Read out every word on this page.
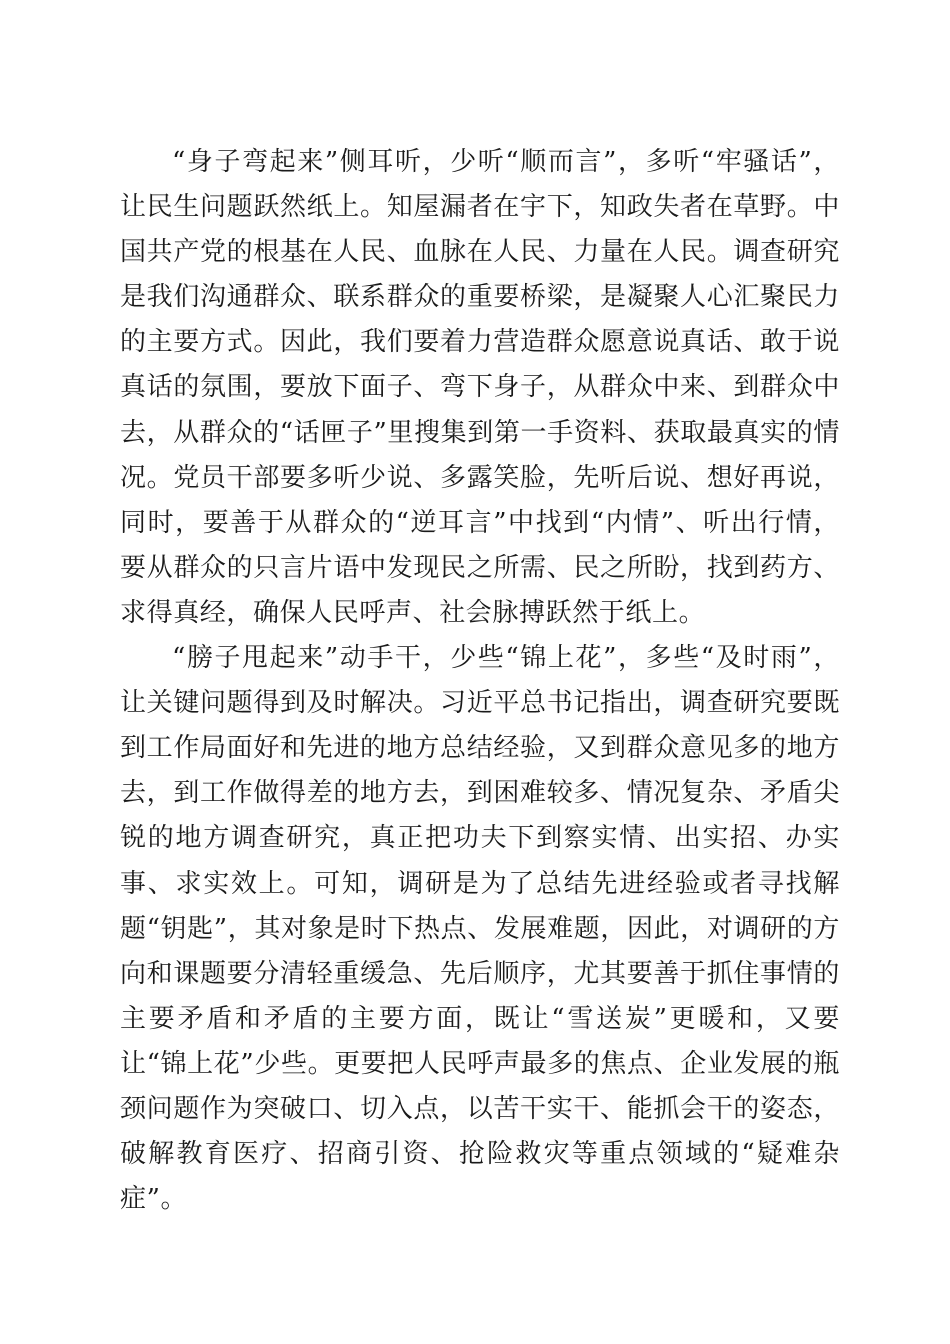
“身子弯起来”侧耳听，少听“顺而言”，多听“牢骚话”，让民生问题跃然纸上。知屋漏者在宇下，知政失者在草野。中国共产党的根基在人民、血脉在人民、力量在人民。调查研究是我们沟通群众、联系群众的重要桥梁，是凝聚人心汇聚民力的主要方式。因此，我们要着力营造群众愿意说真话、敢于说真话的氛围，要放下面子、弯下身子，从群众中来、到群众中去，从群众的“话匣子”里搜集到第一手资料、获取最真实的情况。党员干部要多听少说、多露笑脸，先听后说、想好再说，同时，要善于从群众的“逆耳言”中找到“内情”、听出行情，要从群众的只言片语中发现民之所需、民之所盼，找到药方、求得真经，确保人民呼声、社会脉搏跃然于纸上。

“膀子甩起来”动手干，少些“锦上花”，多些“及时雨”，让关键问题得到及时解决。习近平总书记指出，调查研究要既到工作局面好和先进的地方总结经验，又到群众意见多的地方去，到工作做得差的地方去，到困难较多、情况复杂、矛盾尖锐的地方调查研究，真正把功夫下到察实情、出实招、办实事、求实效上。可知，调研是为了总结先进经验或者寻找解题“钥匙”，其对象是时下热点、发展难题，因此，对调研的方向和课题要分清轻重缓急、先后顺序，尤其要善于抓住事情的主要矛盾和矛盾的主要方面，既让“雪送炭”更暖和，又要让“锦上花”少些。更要把人民呼声最多的焦点、企业发展的瓶颈问题作为突破口、切入点，以苦干实干、能抓会干的姿态，破解教育医疗、招商引资、抢险救灾等重点领域的“疑难杂症”。
